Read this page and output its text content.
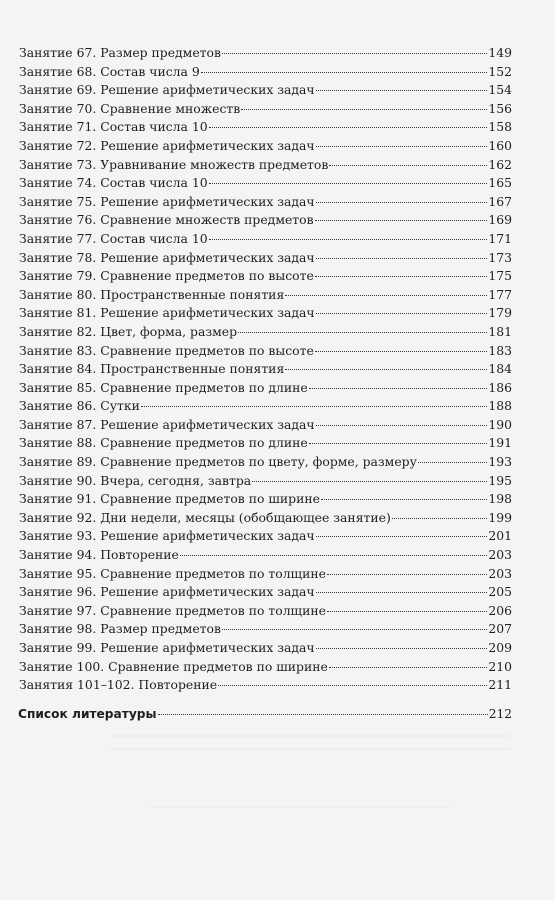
Занятие 67. Размер предметов	149
Занятие 68. Состав числа 9	152
Занятие 69. Решение арифметических задач	154
Занятие 70. Сравнение множеств	156
Занятие 71. Состав числа 10	158
Занятие 72. Решение арифметических задач	160
Занятие 73. Уравнивание множеств предметов	162
Занятие 74. Состав числа 10	165
Занятие 75. Решение арифметических задач	167
Занятие 76. Сравнение множеств предметов	169
Занятие 77. Состав числа 10	171
Занятие 78. Решение арифметических задач	173
Занятие 79. Сравнение предметов по высоте	175
Занятие 80. Пространственные понятия	177
Занятие 81. Решение арифметических задач	179
Занятие 82. Цвет, форма, размер	181
Занятие 83. Сравнение предметов по высоте	183
Занятие 84. Пространственные понятия	184
Занятие 85. Сравнение предметов по длине	186
Занятие 86. Сутки	188
Занятие 87. Решение арифметических задач	190
Занятие 88. Сравнение предметов по длине	191
Занятие 89. Сравнение предметов по цвету, форме, размеру	193
Занятие 90. Вчера, сегодня, завтра	195
Занятие 91. Сравнение предметов по ширине	198
Занятие 92. Дни недели, месяцы (обобщающее занятие)	199
Занятие 93. Решение арифметических задач	201
Занятие 94. Повторение	203
Занятие 95. Сравнение предметов по толщине	203
Занятие 96. Решение арифметических задач	205
Занятие 97. Сравнение предметов по толщине	206
Занятие 98. Размер предметов	207
Занятие 99. Решение арифметических задач	209
Занятие 100. Сравнение предметов по ширине	210
Занятия 101–102. Повторение	211
Список литературы	212
